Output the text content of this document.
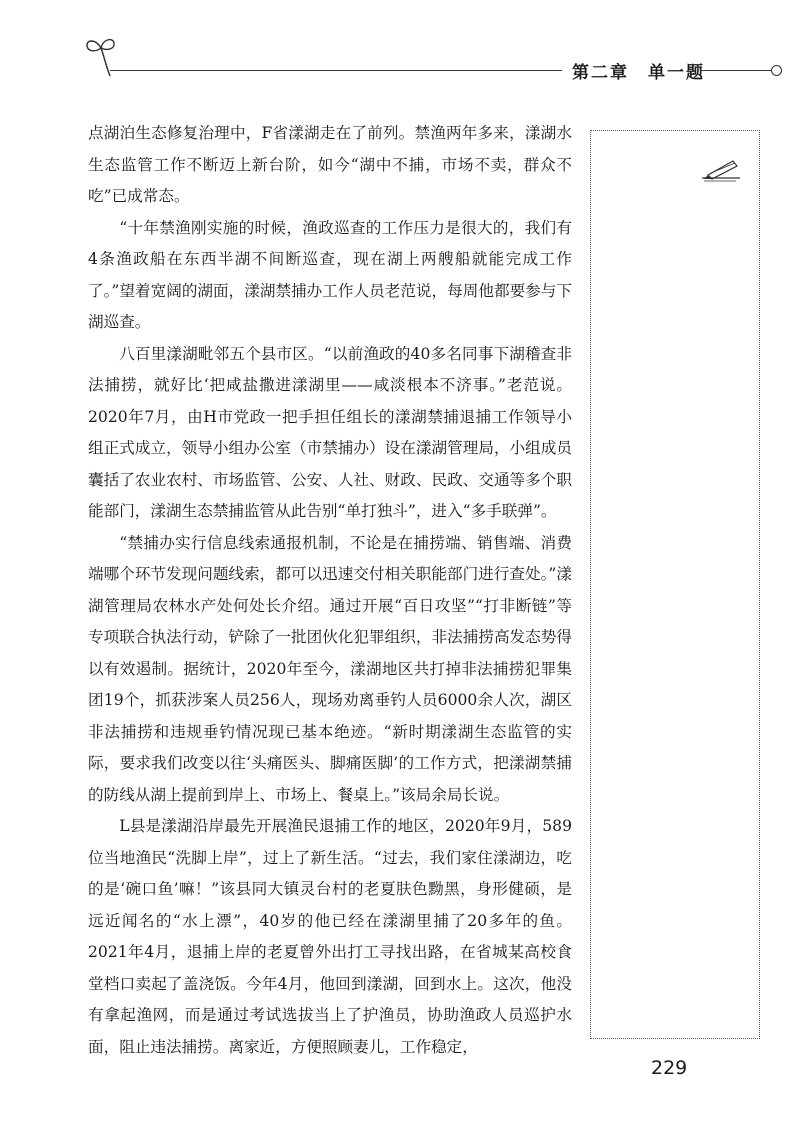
第二章　单一题

点湖泊生态修复治理中，F省漾湖走在了前列。禁渔两年多来，漾湖水生态监管工作不断迈上新台阶，如今“湖中不捕，市场不卖，群众不吃”已成常态。

“十年禁渔刚实施的时候，渔政巡查的工作压力是很大的，我们有4条渔政船在东西半湖不间断巡查，现在湖上两艘船就能完成工作了。”望着宽阔的湖面，漾湖禁捕办工作人员老范说，每周他都要参与下湖巡查。

八百里漾湖毗邻五个县市区。“以前渔政的40多名同事下湖稽查非法捕捞，就好比‘把咸盐撒进漾湖里——咸淡根本不济事。”老范说。2020年7月，由H市党政一把手担任组长的漾湖禁捕退捕工作领导小组正式成立，领导小组办公室（市禁捕办）设在漾湖管理局，小组成员囊括了农业农村、市场监管、公安、人社、财政、民政、交通等多个职能部门，漾湖生态禁捕监管从此告别“单打独斗”，进入“多手联弹”。

“禁捕办实行信息线索通报机制，不论是在捕捞端、销售端、消费端哪个环节发现问题线索，都可以迅速交付相关职能部门进行查处。”漾湖管理局农林水产处何处长介绍。通过开展“百日攻坚”“打非断链”等专项联合执法行动，铲除了一批团伙化犯罪组织，非法捕捞高发态势得以有效遏制。据统计，2020年至今，漾湖地区共打掉非法捕捞犯罪集团19个，抓获涉案人员256人，现场劝离垂钓人员6000余人次，湖区非法捕捞和违规垂钓情况现已基本绝迹。“新时期漾湖生态监管的实际，要求我们改变以往‘头痛医头、脚痛医脚’的工作方式，把漾湖禁捕的防线从湖上提前到岸上、市场上、餐桌上。”该局余局长说。

L县是漾湖沿岸最先开展渔民退捕工作的地区，2020年9月，589位当地渔民“洗脚上岸”，过上了新生活。“过去，我们家住漾湖边，吃的是‘碗口鱼’嘛！”该县同大镇灵台村的老夏肤色黝黑，身形健硕，是远近闻名的“水上漂”，40岁的他已经在漾湖里捕了20多年的鱼。2021年4月，退捕上岸的老夏曾外出打工寻找出路，在省城某高校食堂档口卖起了盖浇饭。今年4月，他回到漾湖，回到水上。这次，他没有拿起渔网，而是通过考试选拔当上了护渔员，协助渔政人员巡护水面，阻止违法捕捞。离家近，方便照顾妻儿，工作稳定，

229
